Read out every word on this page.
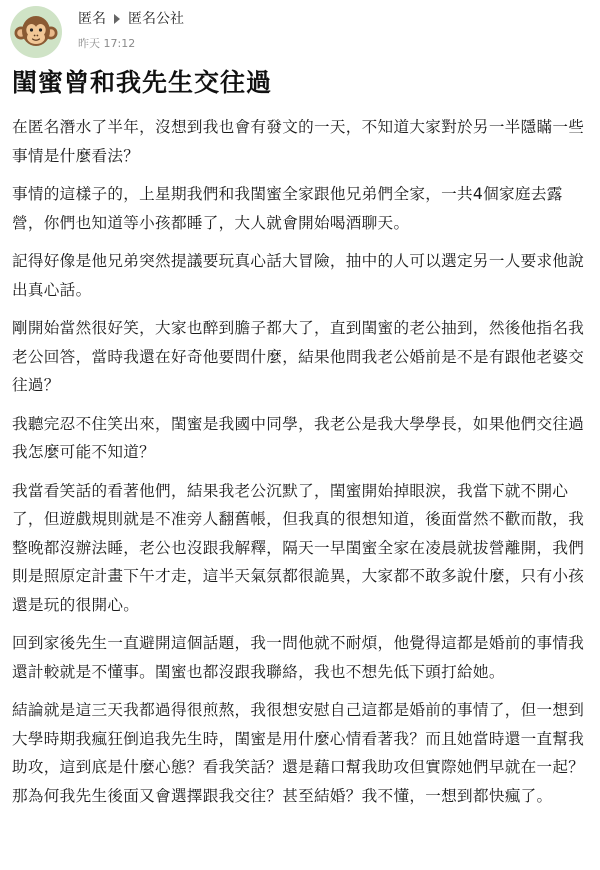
匿名 匿名公社
昨天 17:12
閨蜜曾和我先生交往過

在匿名潛水了半年，沒想到我也會有發文的一天，不知道大家對於另一半隱瞞一些事情是什麼看法？

事情的這樣子的，上星期我們和我閨蜜全家跟他兄弟們全家，一共4個家庭去露營，你們也知道等小孩都睡了，大人就會開始喝酒聊天。

記得好像是他兄弟突然提議要玩真心話大冒險，抽中的人可以選定另一人要求他說出真心話。

剛開始當然很好笑，大家也醉到膽子都大了，直到閨蜜的老公抽到，然後他指名我老公回答，當時我還在好奇他要問什麼，結果他問我老公婚前是不是有跟他老婆交往過？

我聽完忍不住笑出來，閨蜜是我國中同學，我老公是我大學學長，如果他們交往過我怎麼可能不知道？

我當看笑話的看著他們，結果我老公沉默了，閨蜜開始掉眼淚，我當下就不開心了，但遊戲規則就是不准旁人翻舊帳，但我真的很想知道，後面當然不歡而散，我整晚都沒辦法睡，老公也沒跟我解釋，隔天一早閨蜜全家在凌晨就拔營離開，我們則是照原定計畫下午才走，這半天氣氛都很詭異，大家都不敢多說什麼，只有小孩還是玩的很開心。

回到家後先生一直避開這個話題，我一問他就不耐煩，他覺得這都是婚前的事情我還計較就是不懂事。閨蜜也都沒跟我聯絡，我也不想先低下頭打給她。

結論就是這三天我都過得很煎熬，我很想安慰自己這都是婚前的事情了，但一想到大學時期我瘋狂倒追我先生時，閨蜜是用什麼心情看著我？而且她當時還一直幫我助攻，這到底是什麼心態？看我笑話？還是藉口幫我助攻但實際她們早就在一起？那為何我先生後面又會選擇跟我交往？甚至結婚？我不懂，一想到都快瘋了。
